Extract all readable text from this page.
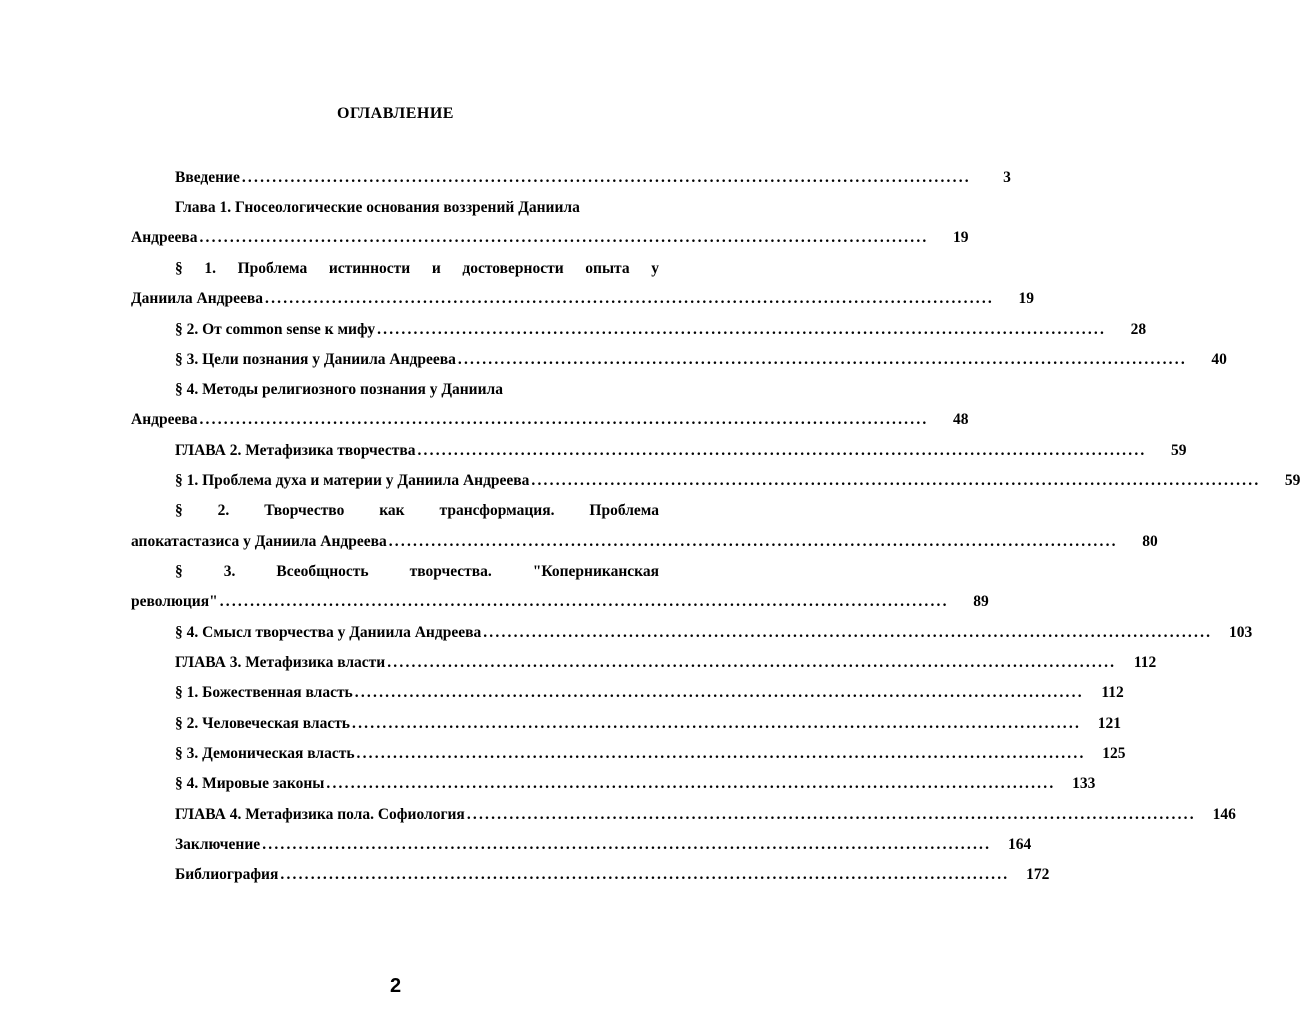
ОГЛАВЛЕНИЕ
Введение ........................................................................................................................	3
Глава 1. Гносеологические основания воззрений Даниила
Андреева ........................................................................................................................	19
§ 1. Проблема истинности и достоверности опыта у
Даниила Андреева ........................................................................................................................	19
§ 2. От common sense к мифу ........................................................................................................................	28
§ 3. Цели познания у Даниила Андреева ........................................................................................................................	40
§ 4. Методы религиозного познания у Даниила
Андреева ........................................................................................................................	48
ГЛАВА 2. Метафизика творчества ........................................................................................................................	59
§ 1. Проблема духа и материи у Даниила Андреева ........................................................................................................................	59
§ 2. Творчество как трансформация. Проблема
апокатастазиса у Даниила Андреева ........................................................................................................................	80
§	3.	Всеобщность	творчества.	"Коперниканская
революция" ........................................................................................................................	89
§ 4. Смысл творчества у Даниила Андреева ........................................................................................................................	103
ГЛАВА 3. Метафизика власти ........................................................................................................................	112
§ 1. Божественная власть ........................................................................................................................	112
§ 2. Человеческая власть ........................................................................................................................	121
§ 3. Демоническая власть ........................................................................................................................	125
§ 4. Мировые законы ........................................................................................................................	133
ГЛАВА 4. Метафизика пола. Софиология ........................................................................................................................	146
Заключение ........................................................................................................................	164
Библиография ........................................................................................................................	172
2
